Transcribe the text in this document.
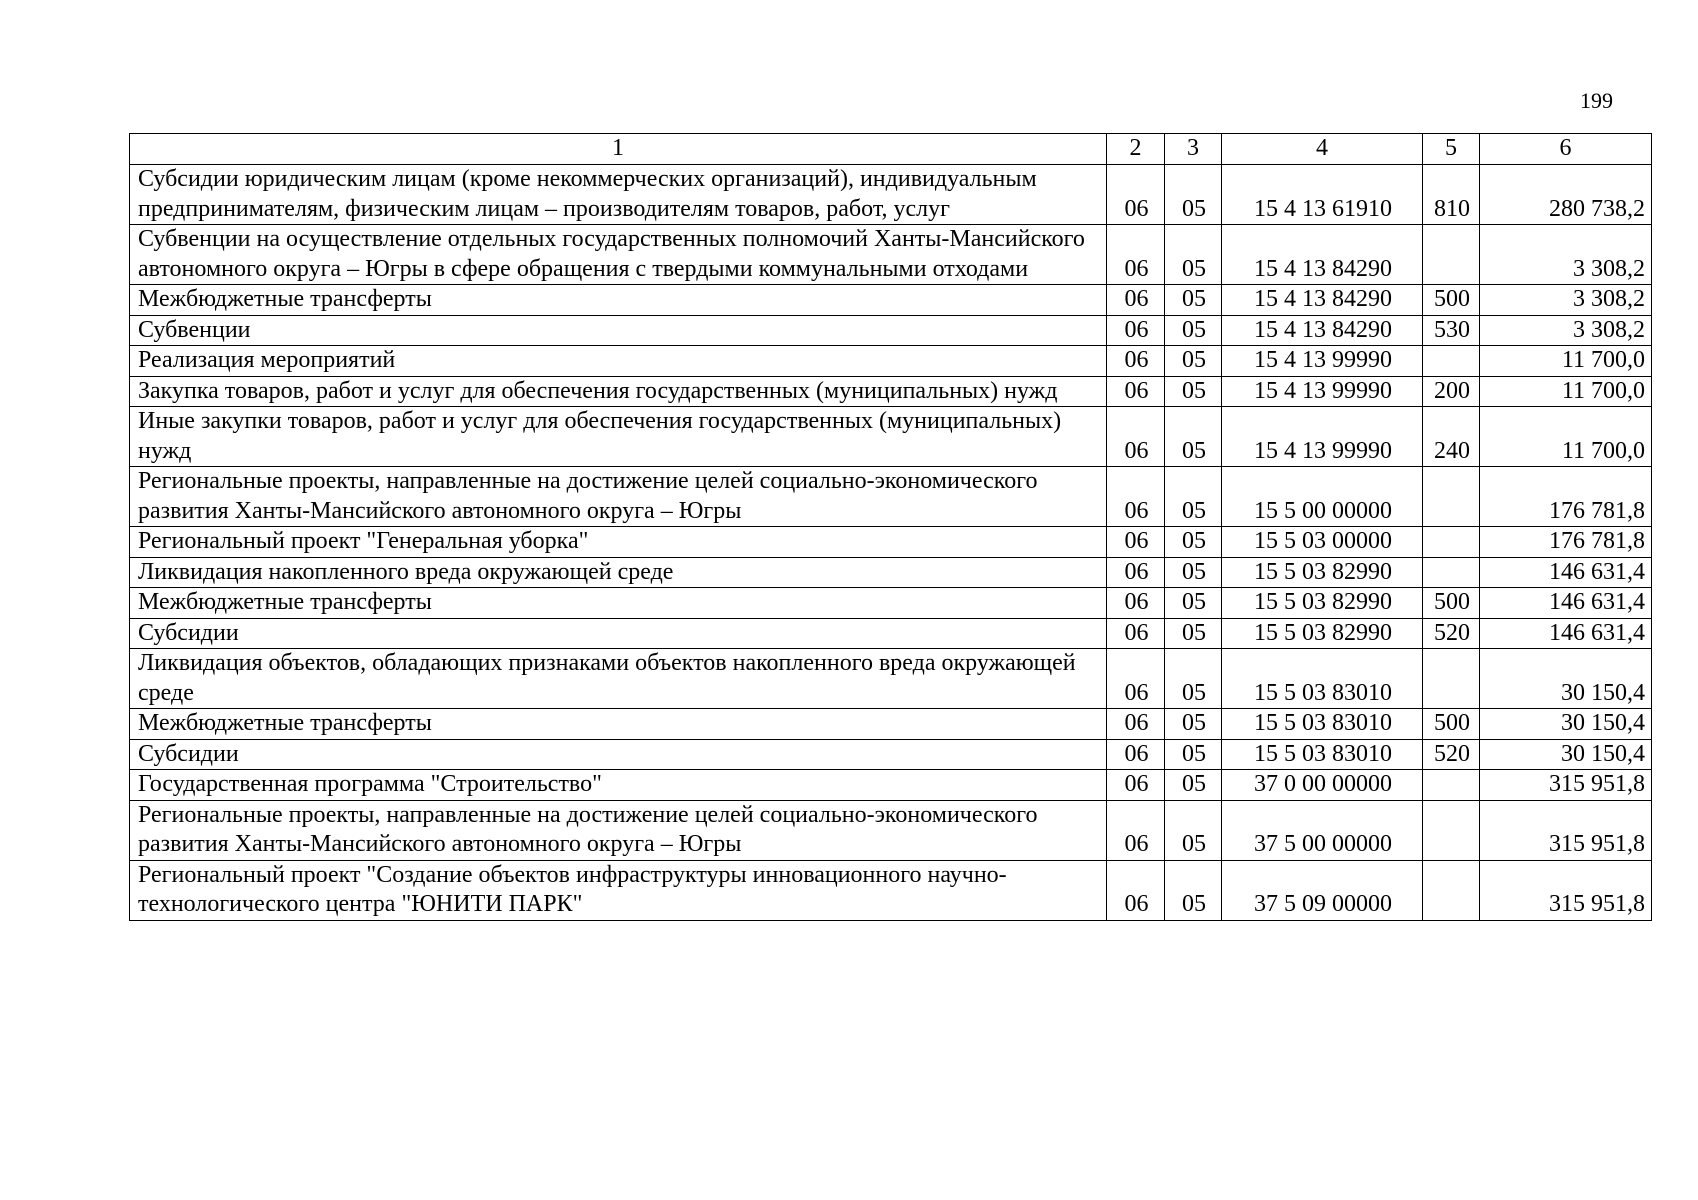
199
1	2	3	4	5	6
Субсидии юридическим лицам (кроме некоммерческих организаций), индивидуальным предпринимателям, физическим лицам – производителям товаров, работ, услуг	06	05	15 4 13 61910	810	280 738,2
Субвенции на осуществление отдельных государственных полномочий Ханты-Мансийского автономного округа – Югры в сфере обращения с твердыми коммунальными отходами	06	05	15 4 13 84290		3 308,2
Межбюджетные трансферты	06	05	15 4 13 84290	500	3 308,2
Субвенции	06	05	15 4 13 84290	530	3 308,2
Реализация мероприятий	06	05	15 4 13 99990		11 700,0
Закупка товаров, работ и услуг для обеспечения государственных (муниципальных) нужд	06	05	15 4 13 99990	200	11 700,0
Иные закупки товаров, работ и услуг для обеспечения государственных (муниципальных) нужд	06	05	15 4 13 99990	240	11 700,0
Региональные проекты, направленные на достижение целей социально-экономического развития Ханты-Мансийского автономного округа – Югры	06	05	15 5 00 00000		176 781,8
Региональный проект "Генеральная уборка"	06	05	15 5 03 00000		176 781,8
Ликвидация накопленного вреда окружающей среде	06	05	15 5 03 82990		146 631,4
Межбюджетные трансферты	06	05	15 5 03 82990	500	146 631,4
Субсидии	06	05	15 5 03 82990	520	146 631,4
Ликвидация объектов, обладающих признаками объектов накопленного вреда окружающей среде	06	05	15 5 03 83010		30 150,4
Межбюджетные трансферты	06	05	15 5 03 83010	500	30 150,4
Субсидии	06	05	15 5 03 83010	520	30 150,4
Государственная программа "Строительство"	06	05	37 0 00 00000		315 951,8
Региональные проекты, направленные на достижение целей социально-экономического развития Ханты-Мансийского автономного округа – Югры	06	05	37 5 00 00000		315 951,8
Региональный проект "Создание объектов инфраструктуры инновационного научно-технологического центра "ЮНИТИ ПАРК"	06	05	37 5 09 00000		315 951,8
